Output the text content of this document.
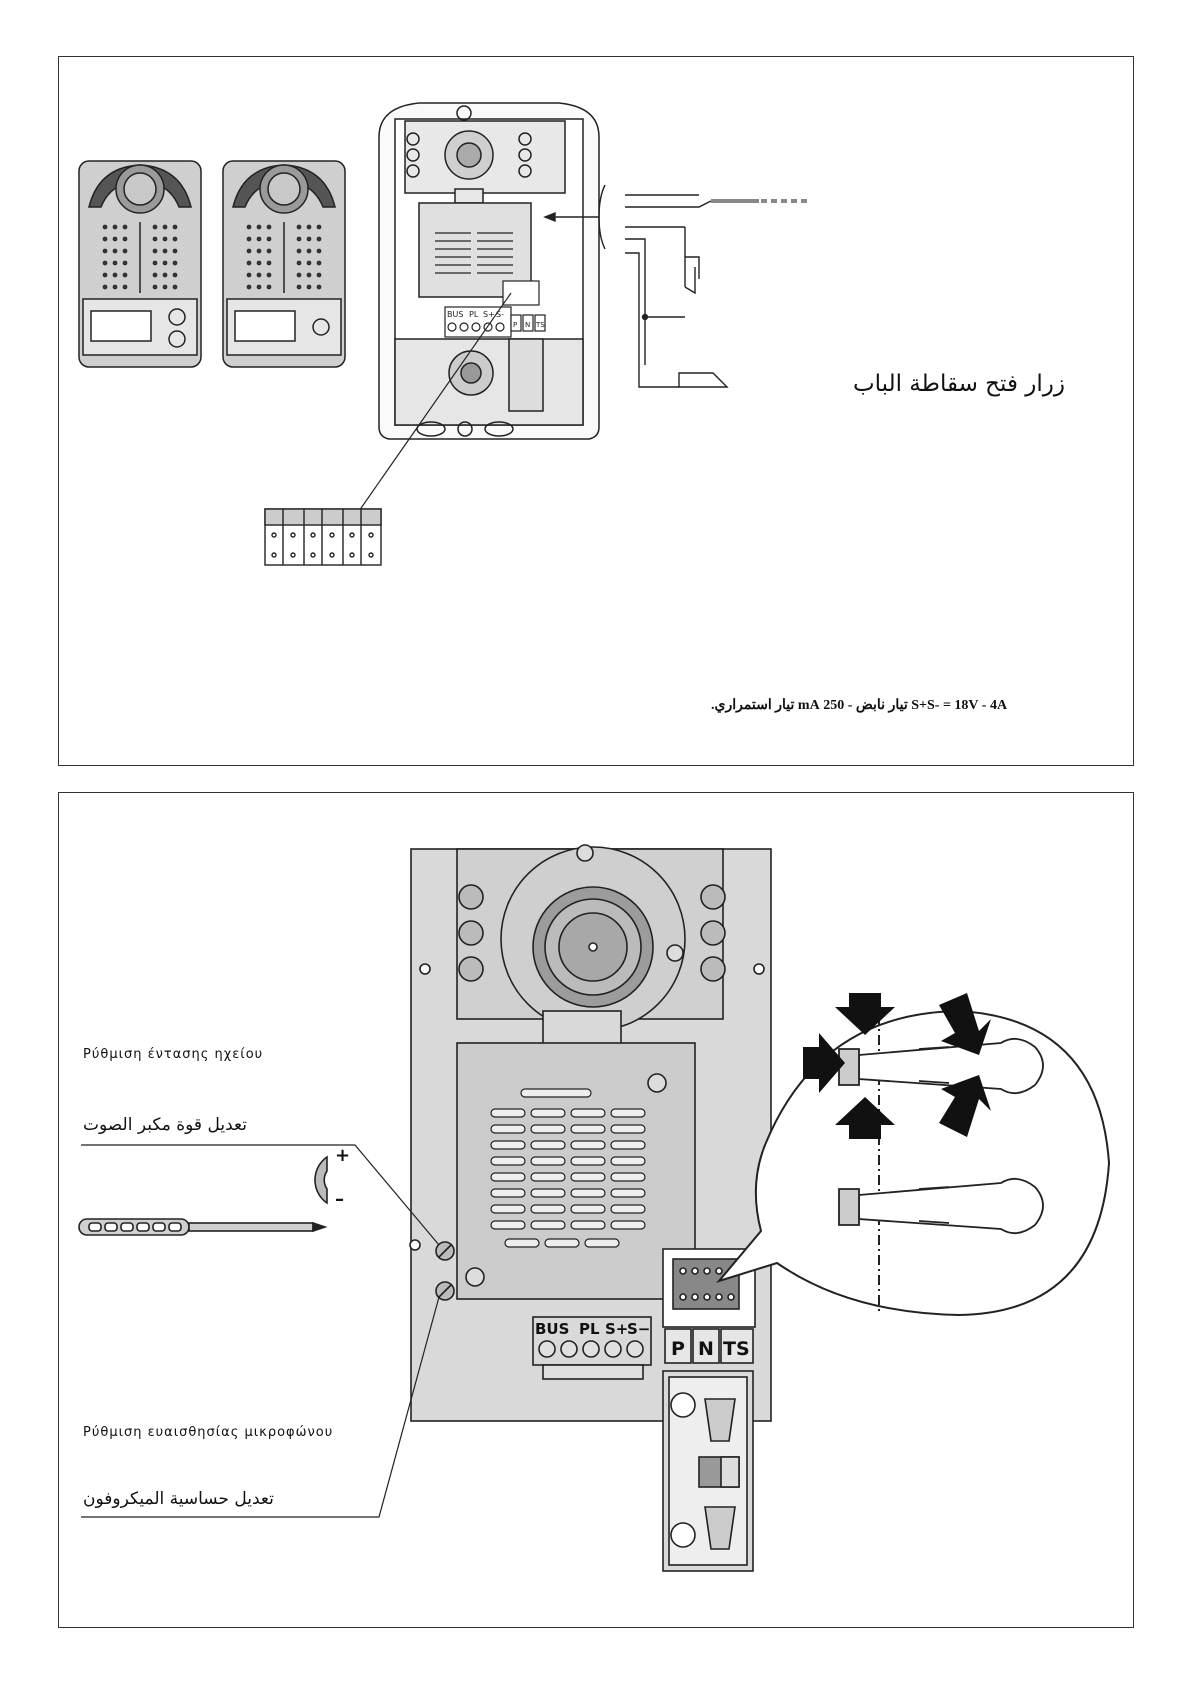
BUS PL S+ S-
P N TS
زرار فتح سقاطة الباب
S+S- = 18V - 4A تيار نابض - 250 mA تيار استمراري.
BUS PL S+
S−
P N TS
+
–
Ρύθμιση έντασης ηχείου
تعديل قوة مكبر الصوت
Ρύθμιση ευαισθησίας μικροφώνου
تعديل حساسية الميكروفون
